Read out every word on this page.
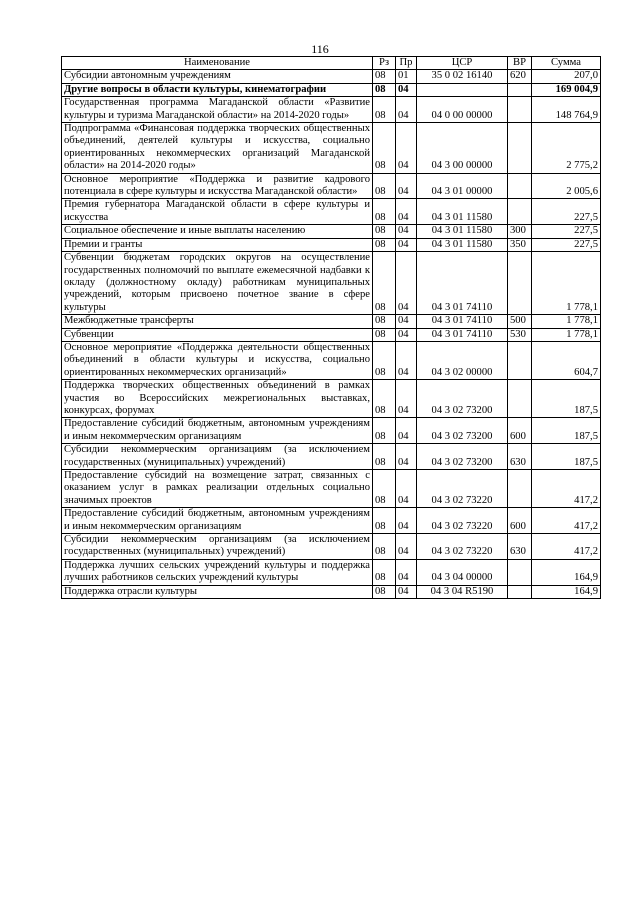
116
Наименование	Рз	Пр	ЦСР	ВР	Сумма
Субсидии автономным учреждениям	08	01	35 0 02 16140	620	207,0
Другие вопросы в области культуры, кинематографии	08	04			169 004,9
Государственная программа Магаданской области «Развитие культуры и туризма Магаданской области» на 2014-2020 годы»	08	04	04 0 00 00000		148 764,9
Подпрограмма «Финансовая поддержка творческих общественных объединений, деятелей культуры и искусства, социально ориентированных некоммерческих организаций Магаданской области» на 2014-2020 годы»	08	04	04 3 00 00000		2 775,2
Основное мероприятие «Поддержка и развитие кадрового потенциала в сфере культуры и искусства Магаданской области»	08	04	04 3 01 00000		2 005,6
Премия губернатора Магаданской области в сфере культуры и искусства	08	04	04 3 01 11580		227,5
Социальное обеспечение и иные выплаты населению	08	04	04 3 01 11580	300	227,5
Премии и гранты	08	04	04 3 01 11580	350	227,5
Субвенции бюджетам городских округов на осуществление государственных полномочий по выплате ежемесячной надбавки к окладу (должностному окладу) работникам муниципальных учреждений, которым присвоено почетное звание в сфере культуры	08	04	04 3 01 74110		1 778,1
Межбюджетные трансферты	08	04	04 3 01 74110	500	1 778,1
Субвенции	08	04	04 3 01 74110	530	1 778,1
Основное мероприятие «Поддержка деятельности общественных объединений в области культуры и искусства, социально ориентированных некоммерческих организаций»	08	04	04 3 02 00000		604,7
Поддержка творческих общественных объединений в рамках участия во Всероссийских межрегиональных выставках, конкурсах, форумах	08	04	04 3 02 73200		187,5
Предоставление субсидий бюджетным, автономным учреждениям и иным некоммерческим организациям	08	04	04 3 02 73200	600	187,5
Субсидии некоммерческим организациям (за исключением государственных (муниципальных) учреждений)	08	04	04 3 02 73200	630	187,5
Предоставление субсидий на возмещение затрат, связанных с оказанием услуг в рамках реализации отдельных социально значимых проектов	08	04	04 3 02 73220		417,2
Предоставление субсидий бюджетным, автономным учреждениям и иным некоммерческим организациям	08	04	04 3 02 73220	600	417,2
Субсидии некоммерческим организациям (за исключением государственных (муниципальных) учреждений)	08	04	04 3 02 73220	630	417,2
Поддержка лучших сельских учреждений культуры и поддержка лучших работников сельских учреждений культуры	08	04	04 3 04 00000		164,9
Поддержка отрасли культуры	08	04	04 3 04 R5190		164,9
